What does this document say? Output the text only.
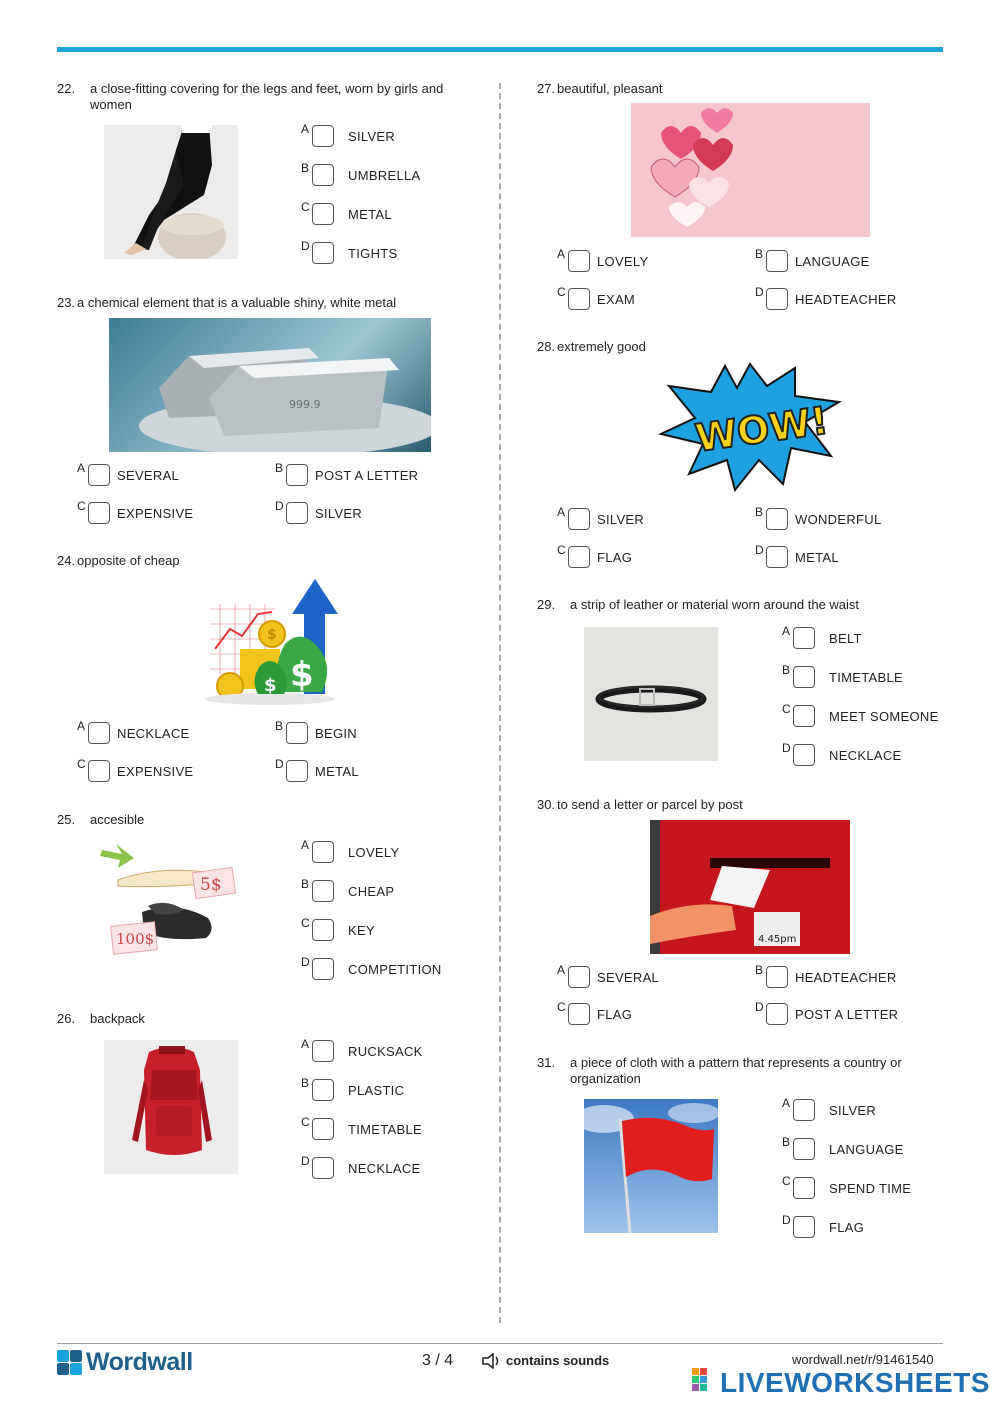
22. a close-fitting covering for the legs and feet, worn by girls and women
A	SILVER
B	UMBRELLA
C	METAL
D	TIGHTS
23. a chemical element that is a valuable shiny, white metal
999.9
A SEVERAL	B POST A LETTER
C EXPENSIVE	D SILVER
24. opposite of cheap
$
$
$
A NECKLACE	B BEGIN
C EXPENSIVE	D METAL
25. accesible
5$
100$
A	LOVELY
B	CHEAP
C	KEY
D	COMPETITION
26. backpack
A	RUCKSACK
B	PLASTIC
C	TIMETABLE
D	NECKLACE
27. beautiful, pleasant
A LOVELY	B LANGUAGE
C EXAM	D HEADTEACHER
28. extremely good
WOW!
A SILVER	B WONDERFUL
C FLAG	D METAL
29. a strip of leather or material worn around the waist
A	BELT
B	TIMETABLE
C	MEET SOMEONE
D	NECKLACE
30. to send a letter or parcel by post
4.45pm
A SEVERAL	B HEADTEACHER
C FLAG	D POST A LETTER
31. a piece of cloth with a pattern that represents a country or organization
A	SILVER
B	LANGUAGE
C	SPEND TIME
D	FLAG
Wordwall	3 / 4	contains sounds	wordwall.net/r/91461540
LIVEWORKSHEETS
